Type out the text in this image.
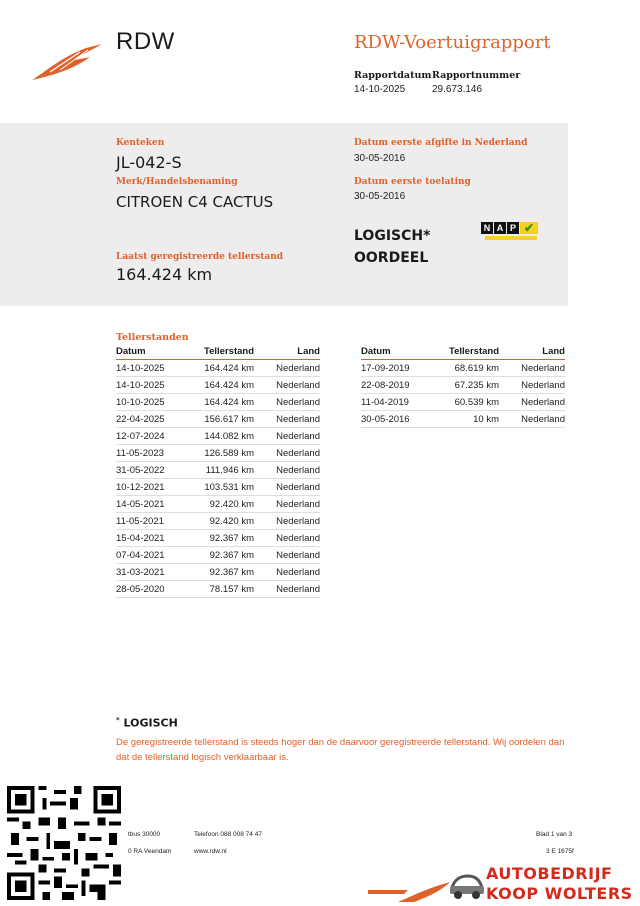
RDW	RDW-Voertuigrapport
Rapportdatum
14-10-2025
Rapportnummer
29.673.146
Kenteken
JL-042-S
Merk/Handelsbenaming
CITROEN C4 CACTUS
Laatst geregistreerde tellerstand
164.424 km
Datum eerste afgifte in Nederland
30-05-2016
Datum eerste toelating
30-05-2016
LOGISCH*
OORDEEL
N A P ✔
Tellerstanden
Datum	Tellerstand	Land
14-10-2025	164.424 km	Nederland
14-10-2025	164.424 km	Nederland
10-10-2025	164.424 km	Nederland
22-04-2025	156.617 km	Nederland
12-07-2024	144.082 km	Nederland
11-05-2023	126.589 km	Nederland
31-05-2022	111.946 km	Nederland
10-12-2021	103.531 km	Nederland
14-05-2021	92.420 km	Nederland
11-05-2021	92.420 km	Nederland
15-04-2021	92.367 km	Nederland
07-04-2021	92.367 km	Nederland
31-03-2021	92.367 km	Nederland
28-05-2020	78.157 km	Nederland
Datum	Tellerstand	Land
17-09-2019	68.619 km	Nederland
22-08-2019	67.235 km	Nederland
11-04-2019	60.539 km	Nederland
30-05-2016	10 km	Nederland
* LOGISCH
De geregistreerde tellerstand is steeds hoger dan de daarvoor geregistreerde tellerstand. Wij oordelen dan dat de tellerstand logisch verklaarbaar is.
tbus 30000
0 RA Veendam
Telefoon 088 008 74 47
www.rdw.nl
Blad 1 van 3
3 E 1675f
AUTOBEDRIJF
KOOP WOLTERS
